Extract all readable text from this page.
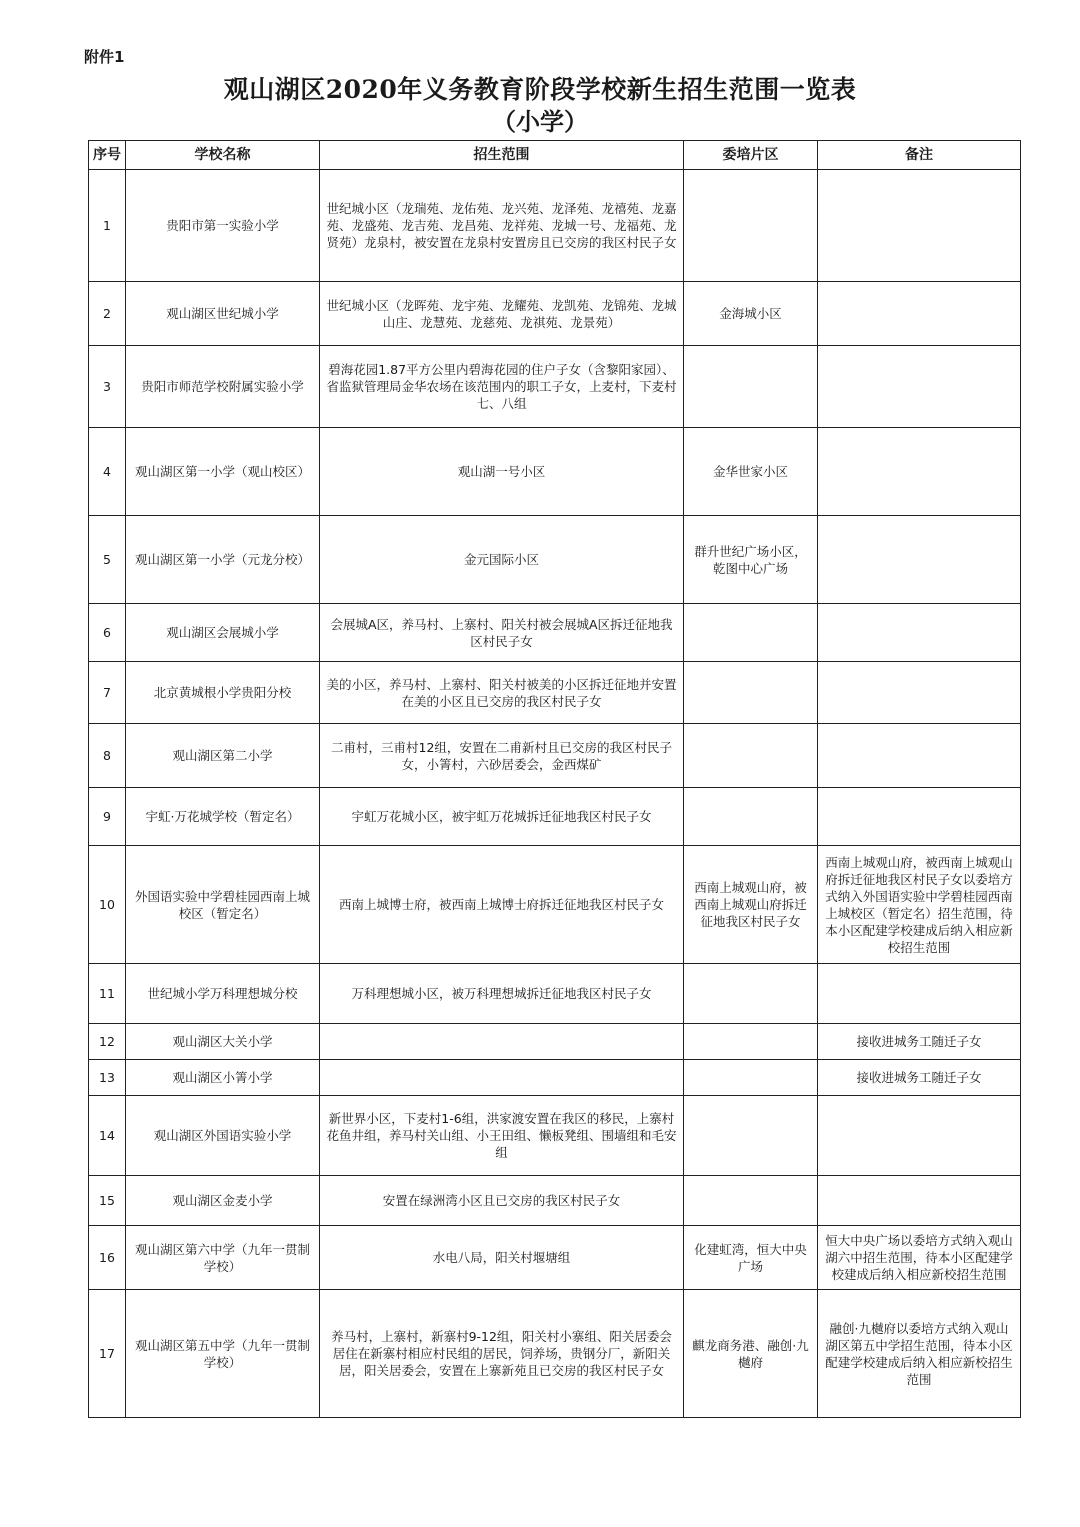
附件1
观山湖区2020年义务教育阶段学校新生招生范围一览表
（小学）
序号	学校名称	招生范围	委培片区	备注
1	贵阳市第一实验小学	世纪城小区（龙瑞苑、龙佑苑、龙兴苑、龙泽苑、龙禧苑、龙嘉苑、龙盛苑、龙吉苑、龙昌苑、龙祥苑、龙城一号、龙福苑、龙贤苑）龙泉村，被安置在龙泉村安置房且已交房的我区村民子女		
2	观山湖区世纪城小学	世纪城小区（龙晖苑、龙宇苑、龙耀苑、龙凯苑、龙锦苑、龙城山庄、龙慧苑、龙慈苑、龙祺苑、龙景苑）	金海城小区	
3	贵阳市师范学校附属实验小学	碧海花园1.87平方公里内碧海花园的住户子女（含黎阳家园）、省监狱管理局金华农场在该范围内的职工子女，上麦村，下麦村七、八组		
4	观山湖区第一小学（观山校区）	观山湖一号小区	金华世家小区	
5	观山湖区第一小学（元龙分校）	金元国际小区	群升世纪广场小区，乾图中心广场	
6	观山湖区会展城小学	会展城A区，养马村、上寨村、阳关村被会展城A区拆迁征地我区村民子女		
7	北京黄城根小学贵阳分校	美的小区，养马村、上寨村、阳关村被美的小区拆迁征地并安置在美的小区且已交房的我区村民子女		
8	观山湖区第二小学	二甫村，三甫村12组，安置在二甫新村且已交房的我区村民子女，小箐村，六砂居委会，金西煤矿		
9	宇虹·万花城学校（暂定名）	宇虹万花城小区，被宇虹万花城拆迁征地我区村民子女		
10	外国语实验中学碧桂园西南上城校区（暂定名）	西南上城博士府，被西南上城博士府拆迁征地我区村民子女	西南上城观山府，被西南上城观山府拆迁征地我区村民子女	西南上城观山府，被西南上城观山府拆迁征地我区村民子女以委培方式纳入外国语实验中学碧桂园西南上城校区（暂定名）招生范围，待本小区配建学校建成后纳入相应新校招生范围
11	世纪城小学万科理想城分校	万科理想城小区，被万科理想城拆迁征地我区村民子女		
12	观山湖区大关小学			接收进城务工随迁子女
13	观山湖区小箐小学			接收进城务工随迁子女
14	观山湖区外国语实验小学	新世界小区，下麦村1-6组，洪家渡安置在我区的移民，上寨村花鱼井组，养马村关山组、小王田组、懒板凳组、围墙组和毛安组		
15	观山湖区金麦小学	安置在绿洲湾小区且已交房的我区村民子女		
16	观山湖区第六中学（九年一贯制学校）	水电八局，阳关村堰塘组	化建虹湾，恒大中央广场	恒大中央广场以委培方式纳入观山湖六中招生范围，待本小区配建学校建成后纳入相应新校招生范围
17	观山湖区第五中学（九年一贯制学校）	养马村，上寨村，新寨村9-12组，阳关村小寨组、阳关居委会居住在新寨村相应村民组的居民，饲养场，贵钢分厂，新阳关居，阳关居委会，安置在上寨新苑且已交房的我区村民子女	麒龙商务港、融创·九樾府	融创·九樾府以委培方式纳入观山湖区第五中学招生范围，待本小区配建学校建成后纳入相应新校招生范围
